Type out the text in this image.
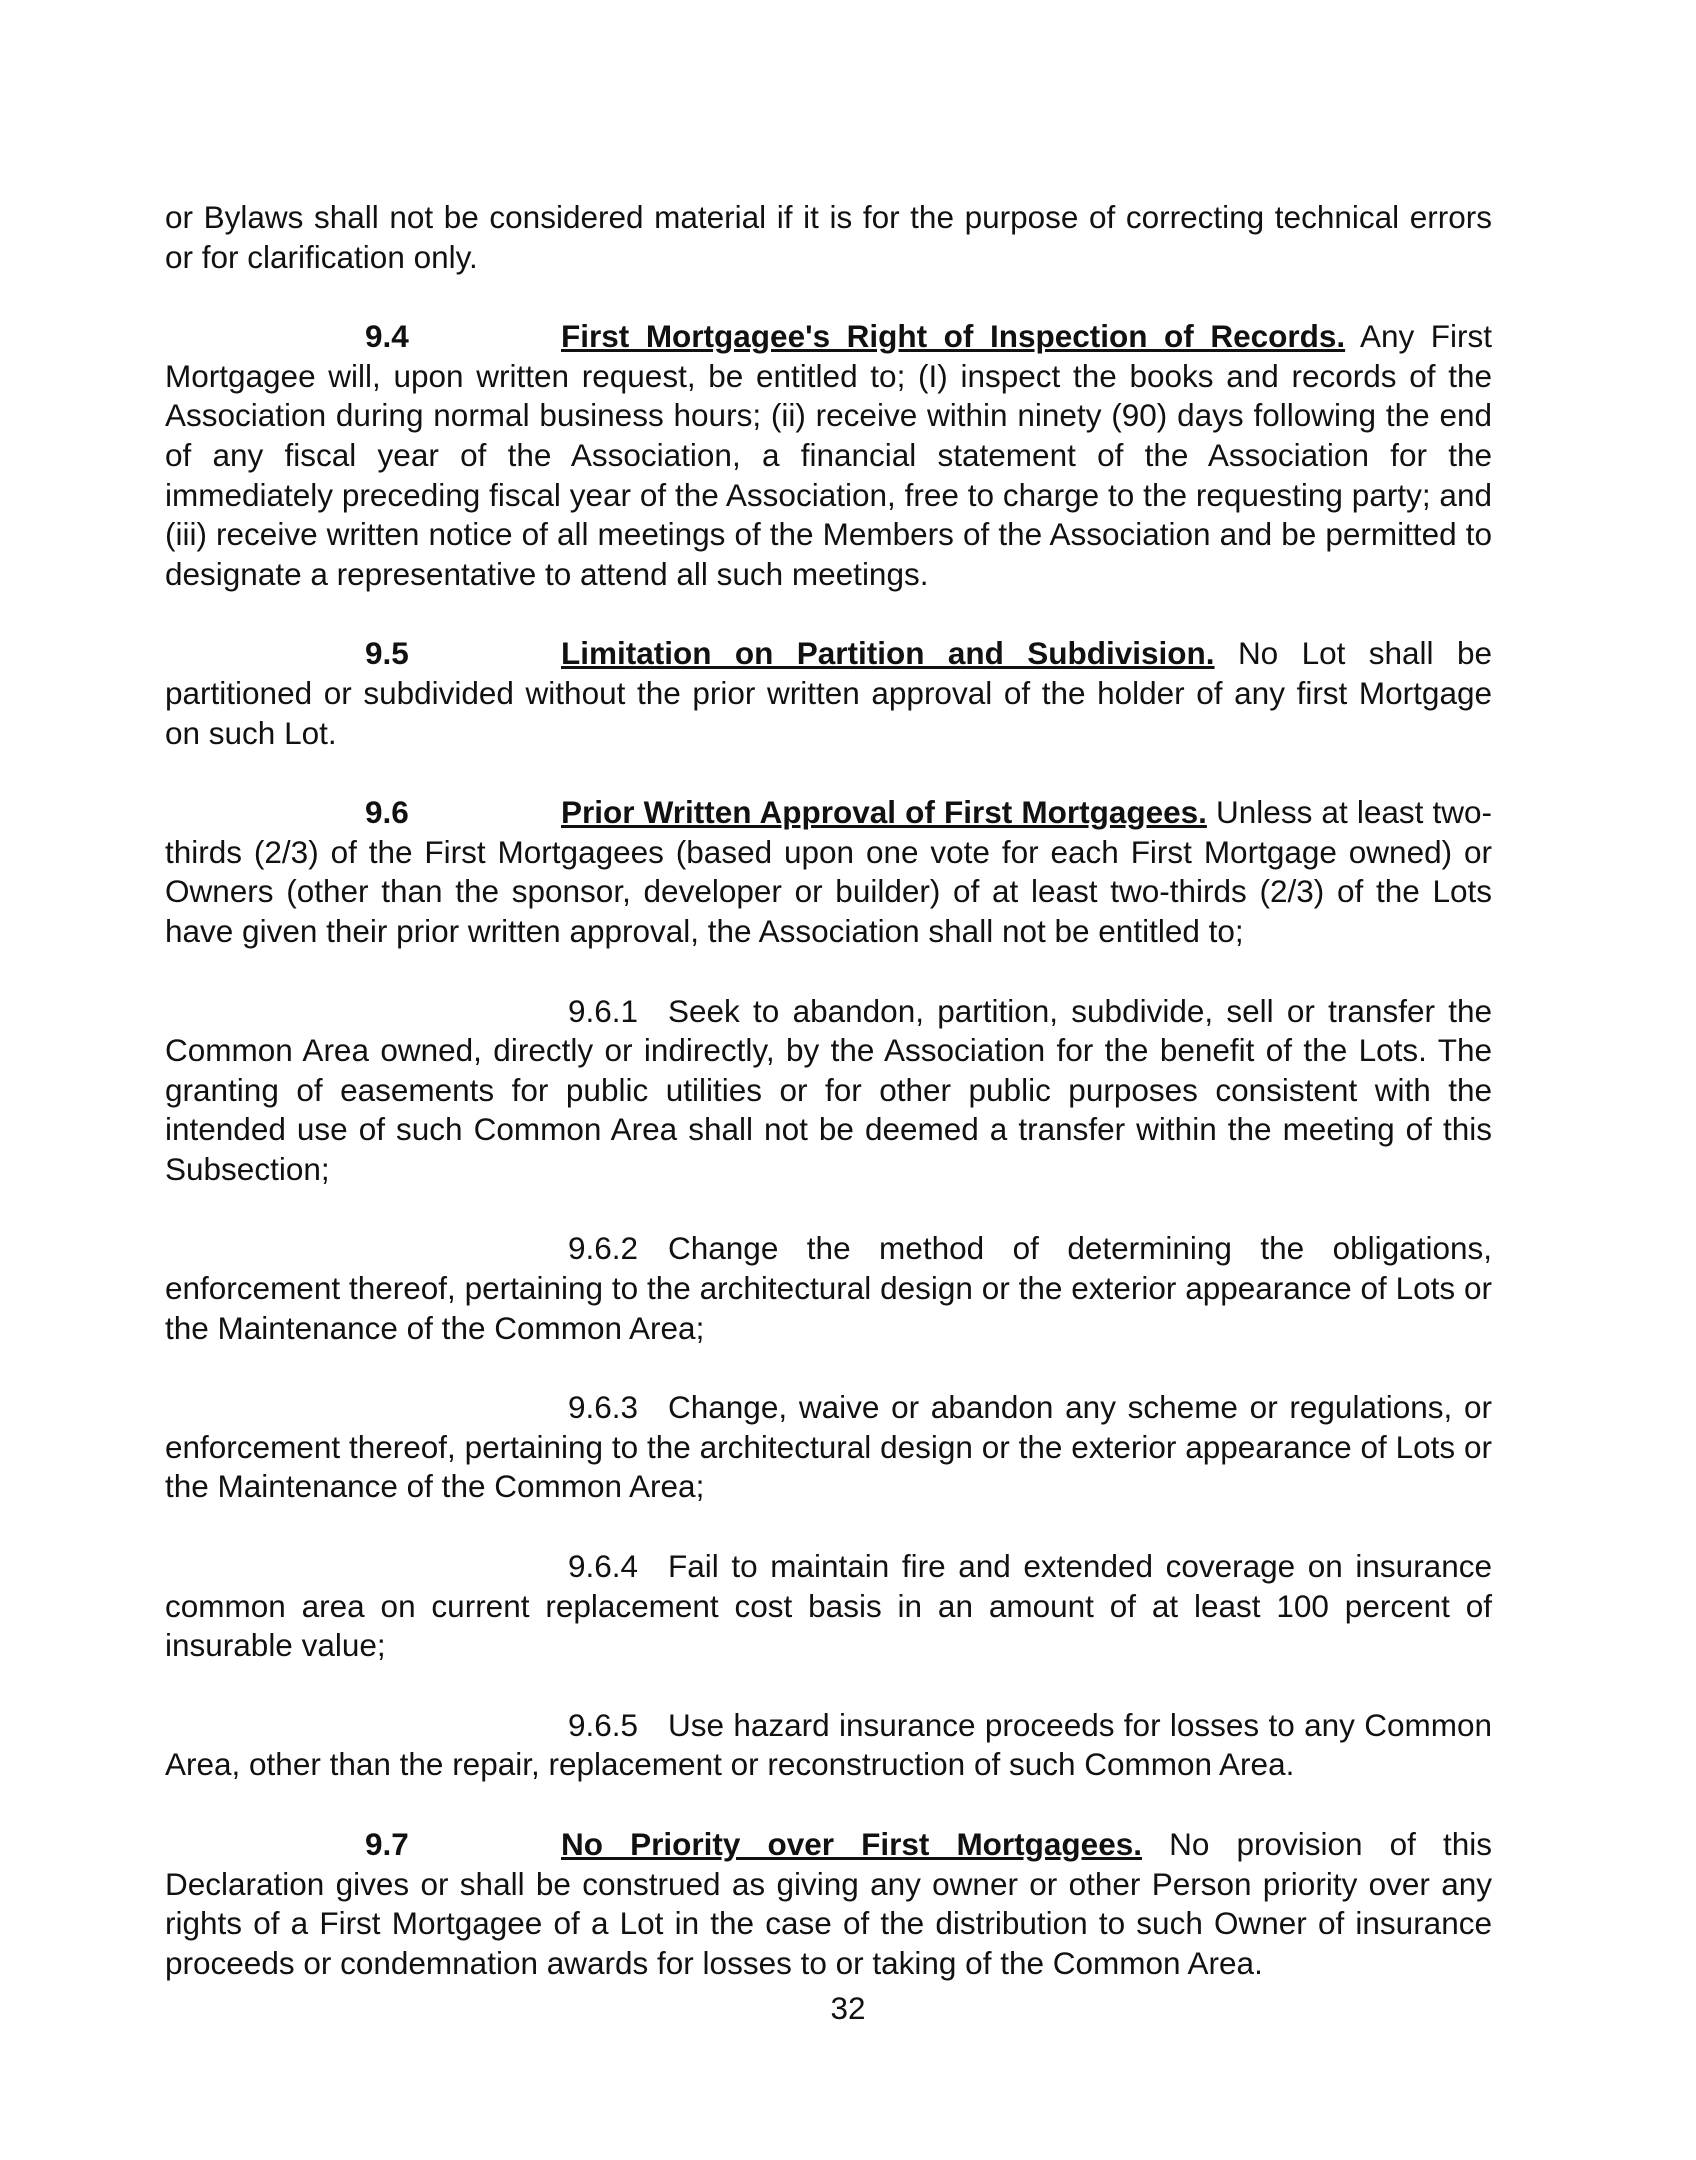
or Bylaws shall not be considered material if it is for the purpose of correcting technical errors or for clarification only.

9.4	First Mortgagee's Right of Inspection of Records. Any First Mortgagee will, upon written request, be entitled to; (I) inspect the books and records of the Association during normal business hours; (ii) receive within ninety (90) days following the end of any fiscal year of the Association, a financial statement of the Association for the immediately preceding fiscal year of the Association, free to charge to the requesting party; and (iii) receive written notice of all meetings of the Members of the Association and be permitted to designate a representative to attend all such meetings.

9.5	Limitation on Partition and Subdivision. No Lot shall be partitioned or subdivided without the prior written approval of the holder of any first Mortgage on such Lot.

9.6	Prior Written Approval of First Mortgagees. Unless at least two-thirds (2/3) of the First Mortgagees (based upon one vote for each First Mortgage owned) or Owners (other than the sponsor, developer or builder) of at least two-thirds (2/3) of the Lots have given their prior written approval, the Association shall not be entitled to;

9.6.1 Seek to abandon, partition, subdivide, sell or transfer the Common Area owned, directly or indirectly, by the Association for the benefit of the Lots. The granting of easements for public utilities or for other public purposes consistent with the intended use of such Common Area shall not be deemed a transfer within the meeting of this Subsection;

9.6.2 Change the method of determining the obligations, enforcement thereof, pertaining to the architectural design or the exterior appearance of Lots or the Maintenance of the Common Area;

9.6.3 Change, waive or abandon any scheme or regulations, or enforcement thereof, pertaining to the architectural design or the exterior appearance of Lots or the Maintenance of the Common Area;

9.6.4 Fail to maintain fire and extended coverage on insurance common area on current replacement cost basis in an amount of at least 100 percent of insurable value;

9.6.5 Use hazard insurance proceeds for losses to any Common Area, other than the repair, replacement or reconstruction of such Common Area.

9.7	No Priority over First Mortgagees. No provision of this Declaration gives or shall be construed as giving any owner or other Person priority over any rights of a First Mortgagee of a Lot in the case of the distribution to such Owner of insurance proceeds or condemnation awards for losses to or taking of the Common Area.

32
